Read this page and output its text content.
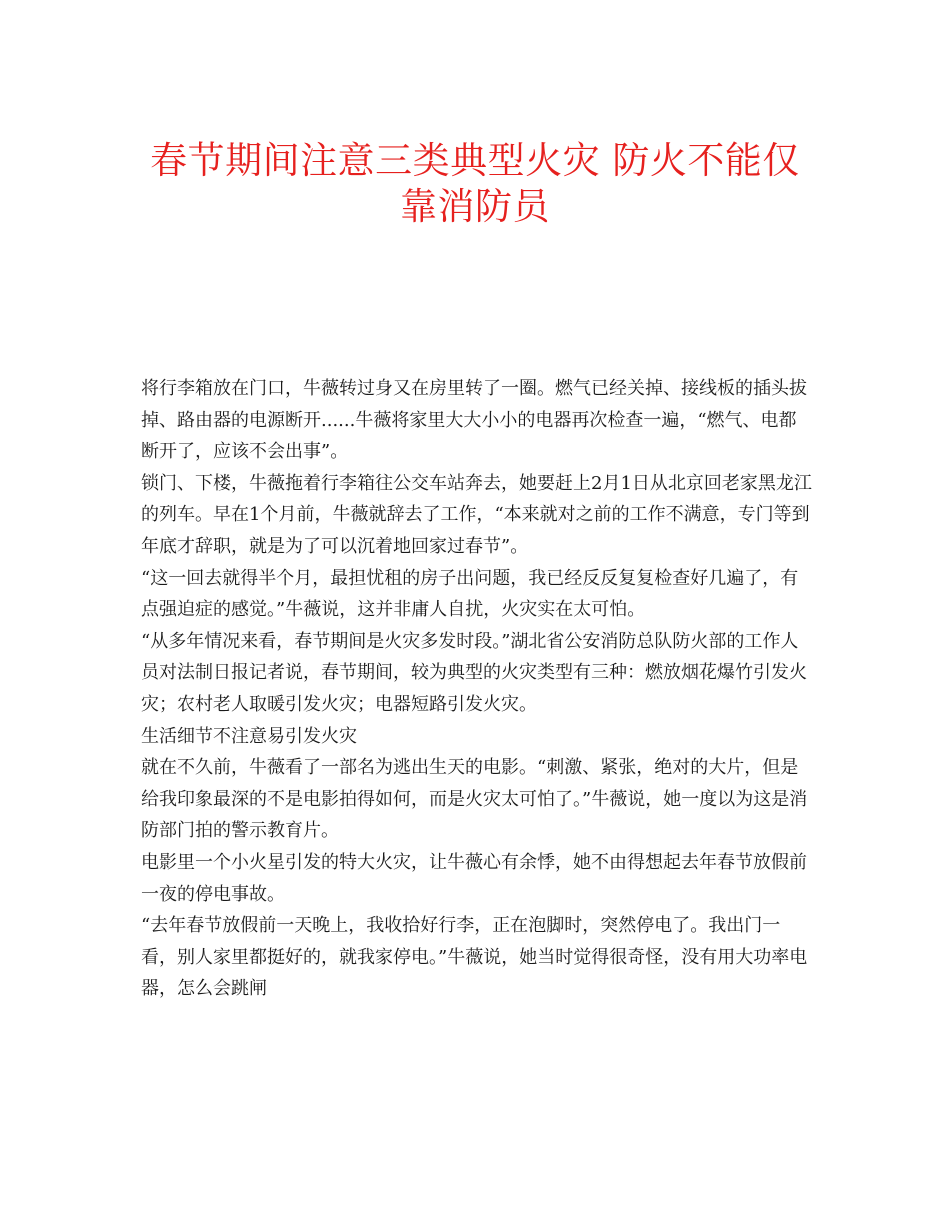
春节期间注意三类典型火灾 防火不能仅
靠消防员

将行李箱放在门口，牛薇转过身又在房里转了一圈。燃气已经关掉、接线板的插头拔掉、路由器的电源断开......牛薇将家里大大小小的电器再次检查一遍，“燃气、电都断开了，应该不会出事”。

锁门、下楼，牛薇拖着行李箱往公交车站奔去，她要赶上2月1日从北京回老家黑龙江的列车。早在1个月前，牛薇就辞去了工作，“本来就对之前的工作不满意，专门等到年底才辞职，就是为了可以沉着地回家过春节”。

“这一回去就得半个月，最担忧租的房子出问题，我已经反反复复检查好几遍了，有点强迫症的感觉。”牛薇说，这并非庸人自扰，火灾实在太可怕。

“从多年情况来看，春节期间是火灾多发时段。”湖北省公安消防总队防火部的工作人员对法制日报记者说，春节期间，较为典型的火灾类型有三种：燃放烟花爆竹引发火灾；农村老人取暖引发火灾；电器短路引发火灾。

生活细节不注意易引发火灾

就在不久前，牛薇看了一部名为逃出生天的电影。“刺激、紧张，绝对的大片，但是给我印象最深的不是电影拍得如何，而是火灾太可怕了。”牛薇说，她一度以为这是消防部门拍的警示教育片。

电影里一个小火星引发的特大火灾，让牛薇心有余悸，她不由得想起去年春节放假前一夜的停电事故。

“去年春节放假前一天晚上，我收拾好行李，正在泡脚时，突然停电了。我出门一看，别人家里都挺好的，就我家停电。”牛薇说，她当时觉得很奇怪，没有用大功率电器，怎么会跳闸
